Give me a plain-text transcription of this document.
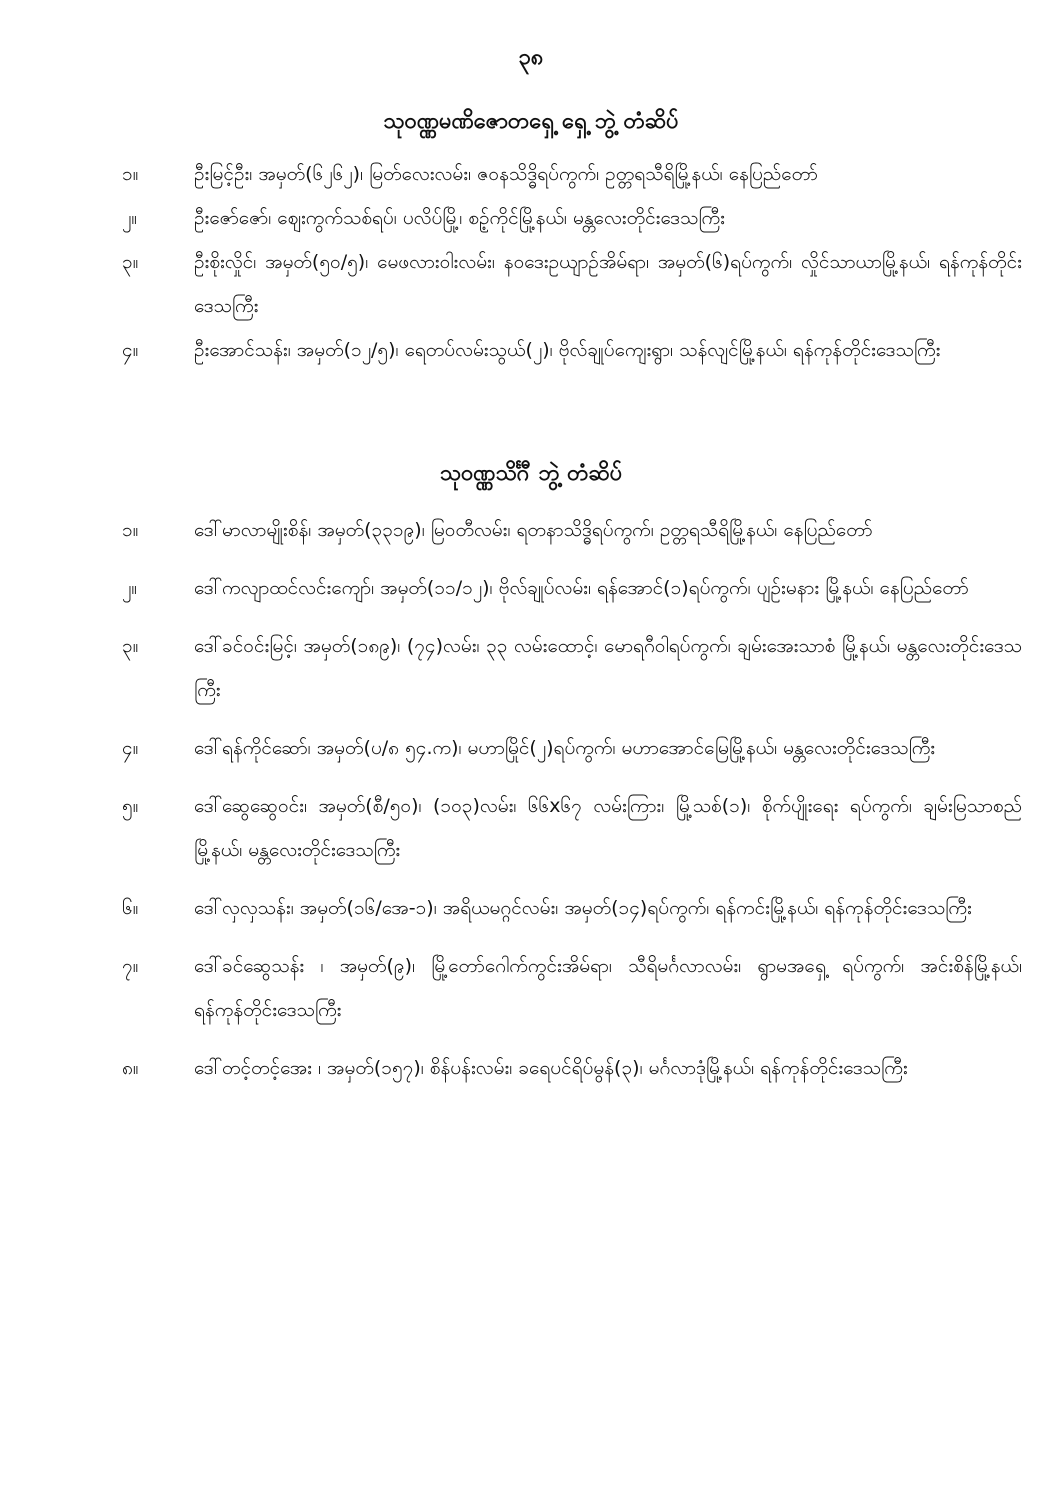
၃၈
သုဝဏ္ဏမဏိဇောတရှေ့ ရှေ့ ဘွဲ့ တံဆိပ်
၁။	ဦးမြင့်ဦး၊ အမှတ်(၆၂၆၂)၊ မြတ်လေးလမ်း၊ ဇ၀နသိဒ္ဓိရပ်ကွက်၊ ဥတ္တရသီရိမြို့နယ်၊ နေပြည်တော်
၂။	ဦးဇော်ဇော်၊ ဈေးကွက်သစ်ရပ်၊ ပလိပ်မြို့၊ စဉ့်ကိုင်မြို့နယ်၊ မန္တလေးတိုင်းဒေသကြီး
၃။	ဦးစိုးလှိုင်၊ အမှတ်(၅၀/၅)၊ မေဖလားဝါးလမ်း၊ န၀ဒေးဥယျာဉ်အိမ်ရာ၊ အမှတ်(၆)ရပ်ကွက်၊ လှိုင်သာယာမြို့နယ်၊ ရန်ကုန်တိုင်းဒေသကြီး
၄။	ဦးအောင်သန်း၊ အမှတ်(၁၂/၅)၊ ရေတပ်လမ်းသွယ်(၂)၊ ဗိုလ်ချုပ်ကျေးရွာ၊ သန်လျင်မြို့နယ်၊ ရန်ကုန်တိုင်းဒေသကြီး
သုဝဏ္ဏသိင်္ဂီ ဘွဲ့ တံဆိပ်
၁။	ဒေါ်မာလာမျိုးစိန်၊ အမှတ်(၃၃၁၉)၊ မြ၀တီလမ်း၊ ရတနာသိဒ္ဓိရပ်ကွက်၊ ဥတ္တရသီရိမြို့နယ်၊ နေပြည်တော်
၂။	ဒေါ်ကလျာထင်လင်းကျော်၊ အမှတ်(၁၁/၁၂)၊ ဗိုလ်ချုပ်လမ်း၊ ရန်အောင်(၁)ရပ်ကွက်၊ ပျဉ်းမနား မြို့နယ်၊ နေပြည်တော်
၃။	ဒေါ်ခင်ဝင်းမြင့်၊ အမှတ်(၁၈၉)၊ (၇၄)လမ်း၊ ၃၃ လမ်းထောင့်၊ မောရဂီ၀ါရပ်ကွက်၊ ချမ်းအေးသာစံ မြို့နယ်၊ မန္တလေးတိုင်းဒေသကြီး
၄။	ဒေါ်ရန်ကိုင်ဆော်၊ အမှတ်(ပ/၈ ၅၄.က)၊ မဟာမြိုင်(၂)ရပ်ကွက်၊ မဟာအောင်မြေမြို့နယ်၊ မန္တလေးတိုင်းဒေသကြီး
၅။	ဒေါ်ဆွေဆွေဝင်း၊ အမှတ်(စီ/၅၀)၊ (၁၀၃)လမ်း၊ ၆၆x၆၇ လမ်းကြား၊ မြို့သစ်(၁)၊ စိုက်ပျိုးရေး ရပ်ကွက်၊ ချမ်းမြသာစည်မြို့နယ်၊ မန္တလေးတိုင်းဒေသကြီး
၆။	ဒေါ်လှလှသန်း၊ အမှတ်(၁၆/အေ-၁)၊ အရိယမဂ္ဂင်လမ်း၊ အမှတ်(၁၄)ရပ်ကွက်၊ ရန်ကင်းမြို့နယ်၊ ရန်ကုန်တိုင်းဒေသကြီး
၇။	ဒေါ်ခင်ဆွေသန်း ၊ အမှတ်(၉)၊ မြို့တော်ဂေါက်ကွင်းအိမ်ရာ၊ သီရိမင်္ဂလာလမ်း၊ ရွာမအရှေ့ ရပ်ကွက်၊ အင်းစိန်မြို့နယ်၊ ရန်ကုန်တိုင်းဒေသကြီး
၈။	ဒေါ်တင့်တင့်အေး ၊ အမှတ်(၁၅၇)၊ စိန်ပန်းလမ်း၊ ခရေပင်ရိပ်မွန်(၃)၊ မင်္ဂလာဒုံမြို့နယ်၊ ရန်ကုန်တိုင်းဒေသကြီး
